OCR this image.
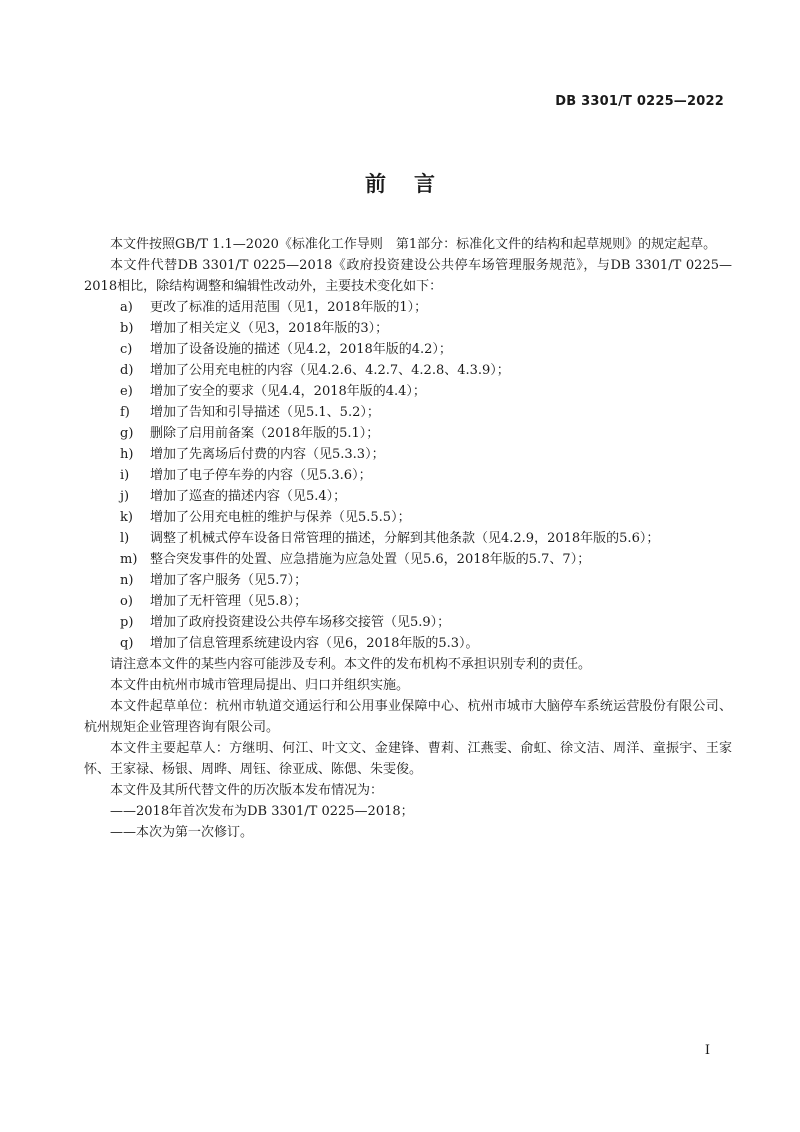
DB 3301/T 0225—2022
前言

本文件按照GB/T 1.1—2020《标准化工作导则　第1部分：标准化文件的结构和起草规则》的规定起草。

本文件代替DB 3301/T 0225—2018《政府投资建设公共停车场管理服务规范》，与DB 3301/T 0225—2018相比，除结构调整和编辑性改动外，主要技术变化如下：

a)	更改了标准的适用范围（见1，2018年版的1）；
b)	增加了相关定义（见3，2018年版的3）；
c)	增加了设备设施的描述（见4.2，2018年版的4.2）；
d)	增加了公用充电桩的内容（见4.2.6、4.2.7、4.2.8、4.3.9）；
e)	增加了安全的要求（见4.4，2018年版的4.4）；
f)	增加了告知和引导描述（见5.1、5.2）；
g)	删除了启用前备案（2018年版的5.1）；
h)	增加了先离场后付费的内容（见5.3.3）；
i)	增加了电子停车券的内容（见5.3.6）；
j)	增加了巡查的描述内容（见5.4）；
k)	增加了公用充电桩的维护与保养（见5.5.5）；
l)	调整了机械式停车设备日常管理的描述，分解到其他条款（见4.2.9，2018年版的5.6）；
m) 整合突发事件的处置、应急措施为应急处置（见5.6，2018年版的5.7、7）；
n)	增加了客户服务（见5.7）；
o)	增加了无杆管理（见5.8）；
p)	增加了政府投资建设公共停车场移交接管（见5.9）；
q)	增加了信息管理系统建设内容（见6，2018年版的5.3）。

请注意本文件的某些内容可能涉及专利。本文件的发布机构不承担识别专利的责任。

本文件由杭州市城市管理局提出、归口并组织实施。

本文件起草单位：杭州市轨道交通运行和公用事业保障中心、杭州市城市大脑停车系统运营股份有限公司、杭州规矩企业管理咨询有限公司。

本文件主要起草人：方继明、何江、叶文文、金建锋、曹莉、江燕雯、俞虹、徐文洁、周洋、童振宇、王家怀、王家禄、杨银、周晔、周钰、徐亚成、陈偲、朱雯俊。

本文件及其所代替文件的历次版本发布情况为：

——2018年首次发布为DB 3301/T 0225—2018；

——本次为第一次修订。

I
